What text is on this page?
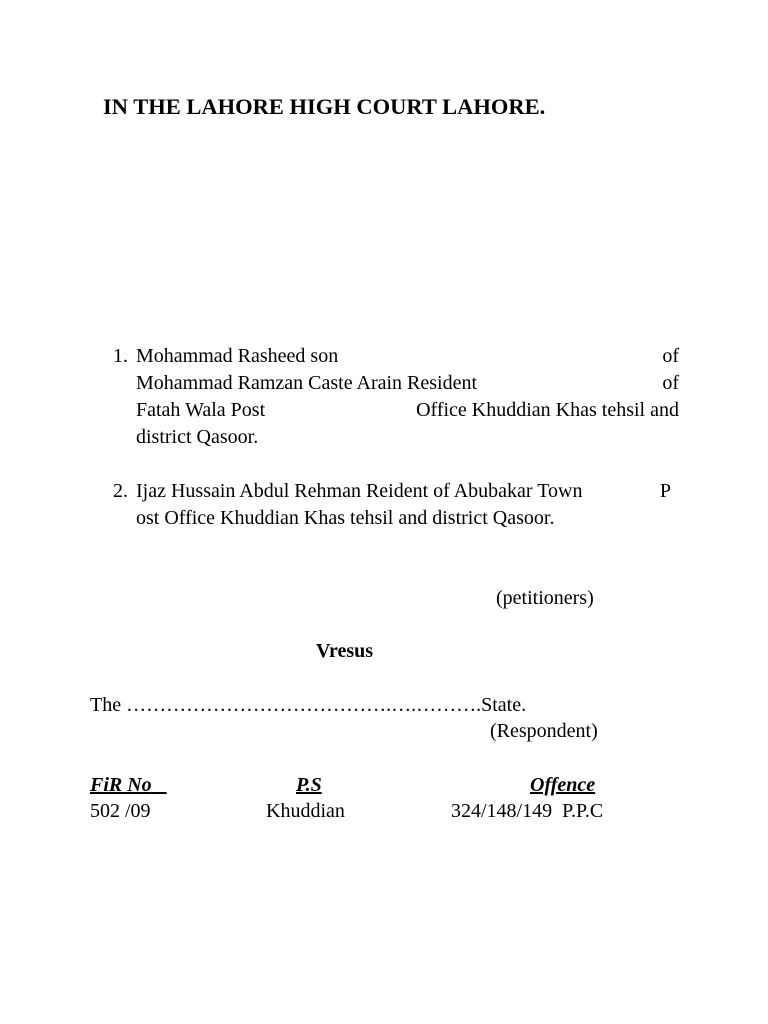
IN THE LAHORE HIGH COURT LAHORE.
1. Mohammad Rasheed son	of
Mohammad Ramzan Caste Arain Resident	of
Fatah Wala Post	Office Khuddian Khas tehsil and
district Qasoor.
2. Ijaz Hussain Abdul Rehman Reident of Abubakar Town	P
ost Office Khuddian Khas tehsil and district Qasoor.
(petitioners)
Vresus
The ………………………………….….……….State.
(Respondent)
FiR No	P.S	Offence
502 /09	Khuddian	324/148/149  P.P.C
